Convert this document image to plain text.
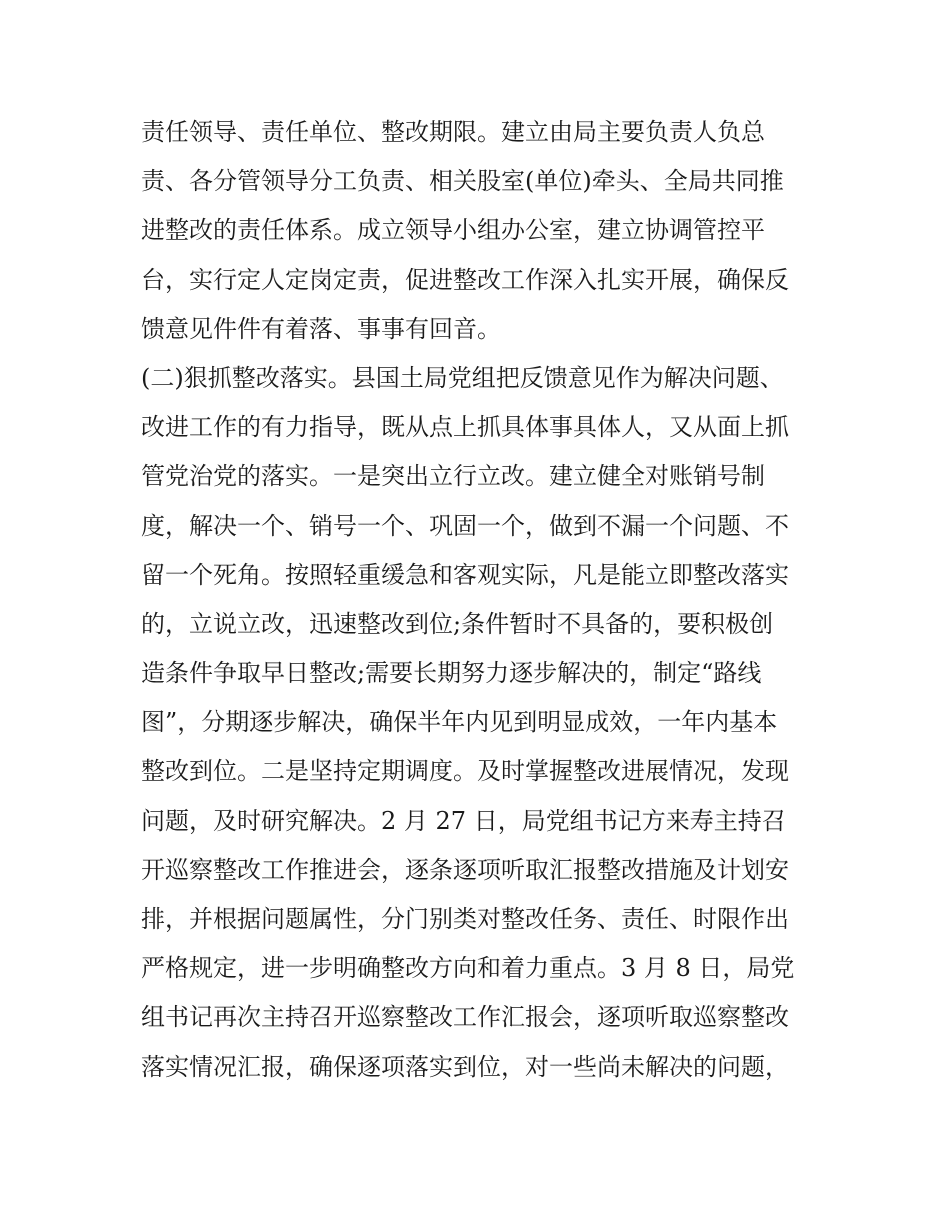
责任领导、责任单位、整改期限。建立由局主要负责人负总
责、各分管领导分工负责、相关股室(单位)牵头、全局共同推
进整改的责任体系。成立领导小组办公室，建立协调管控平
台，实行定人定岗定责，促进整改工作深入扎实开展，确保反
馈意见件件有着落、事事有回音。
(二)狠抓整改落实。县国土局党组把反馈意见作为解决问题、
改进工作的有力指导，既从点上抓具体事具体人，又从面上抓
管党治党的落实。一是突出立行立改。建立健全对账销号制
度，解决一个、销号一个、巩固一个，做到不漏一个问题、不
留一个死角。按照轻重缓急和客观实际，凡是能立即整改落实
的，立说立改，迅速整改到位;条件暂时不具备的，要积极创
造条件争取早日整改;需要长期努力逐步解决的，制定“路线
图”，分期逐步解决，确保半年内见到明显成效，一年内基本
整改到位。二是坚持定期调度。及时掌握整改进展情况，发现
问题，及时研究解决。2 月 27 日，局党组书记方来寿主持召
开巡察整改工作推进会，逐条逐项听取汇报整改措施及计划安
排，并根据问题属性，分门别类对整改任务、责任、时限作出
严格规定，进一步明确整改方向和着力重点。3 月 8 日，局党
组书记再次主持召开巡察整改工作汇报会，逐项听取巡察整改
落实情况汇报，确保逐项落实到位，对一些尚未解决的问题，
